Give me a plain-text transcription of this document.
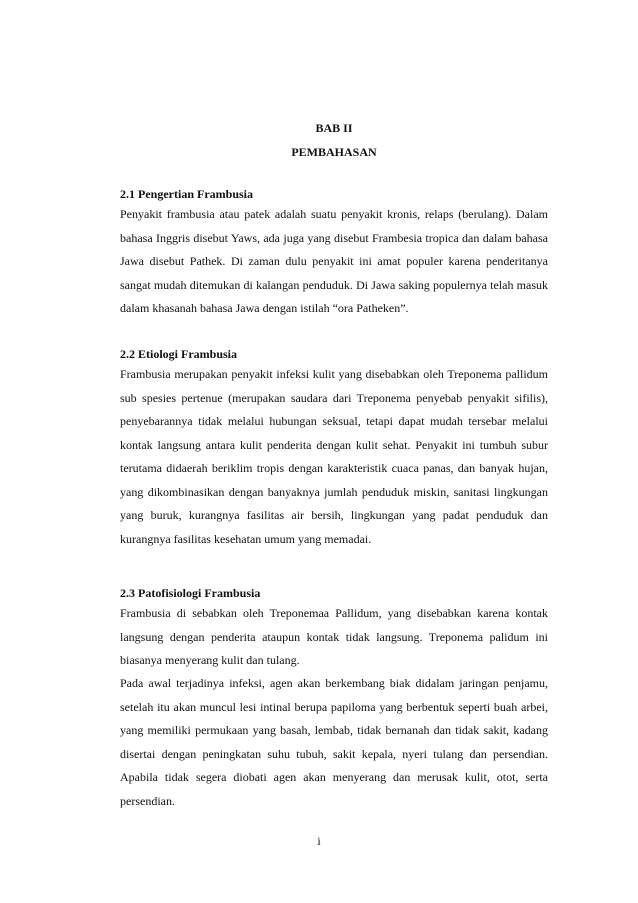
BAB II

PEMBAHASAN

2.1 Pengertian Frambusia

Penyakit frambusia atau patek adalah suatu penyakit kronis, relaps (berulang). Dalam bahasa Inggris disebut Yaws, ada juga yang disebut Frambesia tropica dan dalam bahasa Jawa disebut Pathek. Di zaman dulu penyakit ini amat populer karena penderitanya sangat mudah ditemukan di kalangan penduduk. Di Jawa saking populernya telah masuk dalam khasanah bahasa Jawa dengan istilah “ora Patheken”.

2.2 Etiologi Frambusia

Frambusia merupakan penyakit infeksi kulit yang disebabkan oleh Treponema pallidum sub spesies pertenue (merupakan saudara dari Treponema penyebab penyakit sifilis), penyebarannya tidak melalui hubungan seksual, tetapi dapat mudah tersebar melalui kontak langsung antara kulit penderita dengan kulit sehat. Penyakit ini tumbuh subur terutama didaerah beriklim tropis dengan karakteristik cuaca panas, dan banyak hujan, yang dikombinasikan dengan banyaknya jumlah penduduk miskin, sanitasi lingkungan yang buruk, kurangnya fasilitas air bersih, lingkungan yang padat penduduk dan kurangnya fasilitas kesehatan umum yang memadai.

2.3 Patofisiologi Frambusia

Frambusia di sebabkan oleh Treponemaa Pallidum, yang disebabkan karena kontak langsung dengan penderita ataupun kontak tidak langsung. Treponema palidum ini biasanya menyerang kulit dan tulang.

Pada awal terjadinya infeksi, agen akan berkembang biak didalam jaringan penjamu, setelah itu akan muncul lesi intinal berupa papiloma yang berbentuk seperti buah arbei, yang memiliki permukaan yang basah, lembab, tidak bernanah dan tidak sakit, kadang disertai dengan peningkatan suhu tubuh, sakit kepala, nyeri tulang dan persendian. Apabila tidak segera diobati agen akan menyerang dan merusak kulit, otot, serta persendian.

i
